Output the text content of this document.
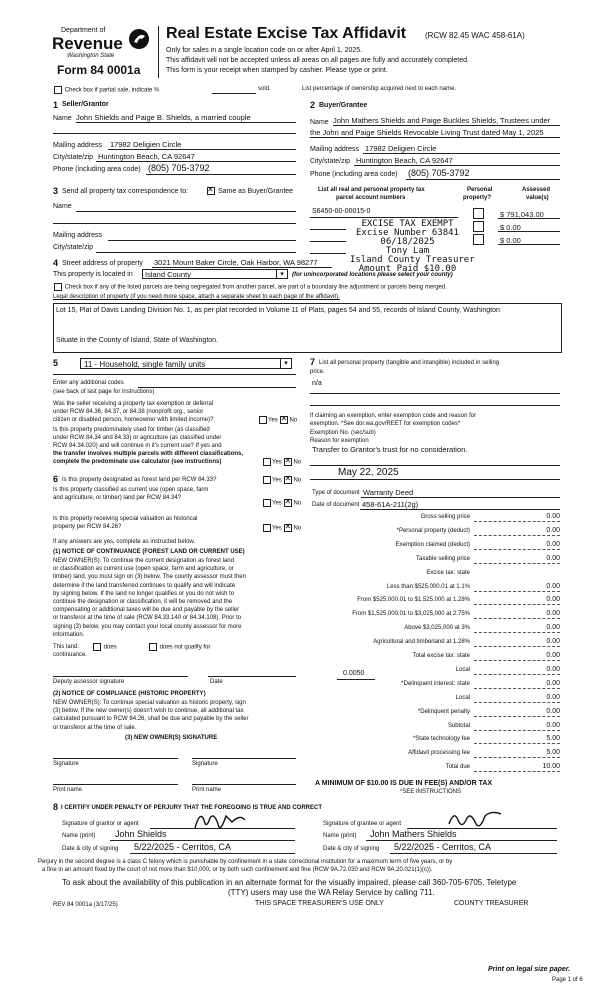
Department of
Revenue
Washington State
Form 84 0001a
Real Estate Excise Tax Affidavit (RCW 82.45 WAC 458-61A)
Only for sales in a single location code on or after April 1, 2025.
This affidavit will not be accepted unless all areas on all pages are fully and accurately completed.
This form is your receipt when stamped by cashier. Please type or print.
Check box if partial sale, indicate %	sold.	List percentage of ownership acquired next to each name.
1 Seller/Grantor
Name John Shields and Paige B. Shields, a married couple
Mailing address 17982 Deligien Circle
City/state/zip Huntington Beach, CA 92647
Phone (including area code) (805) 705-3792
2 Buyer/Grantee
Name John Mathers Shields and Paige Buckles Shields, Trustees under
the John and Paige Shields Revocable Living Trust dated May 1, 2025
Mailing address 17982 Deligien Circle
City/state/zip Huntington Beach, CA 92647
Phone (including area code) (805) 705-3792
3 Send all property tax correspondence to: ✕	Same as Buyer/Grantee
Name
Mailing address
City/state/zip
List all real and personal property tax
parcel account numbers
Personal
property?
Assessed
value(s)
S6450-00-00015-0	$ 791,043.00
$ 0.00
$ 0.00
EXCISE TAX EXEMPT
Excise Number 63841
06/18/2025
Tony Lam
Island County Treasurer
Amount Paid $10.00
4 Street address of property 3021 Mount Baker Circle, Oak Harbor, WA 98277
This property is located in	Island County	▾	(for unincorporated locations please select your county)
Check box if any of the listed parcels are being segregated from another parcel, are part of a boundary line adjustment or parcels being merged.
Legal description of property (if you need more space, attach a separate sheet to each page of the affidavit).
Lot 15, Plat of Davis Landing Division No. 1, as per plat recorded in Volume 11 of Plats, pages 54 and 55, records of Island County, Washington
Situate in the County of Island, State of Washington.
5	11 - Household, single family units	▾
Enter any additional codes
(see back of last page for instructions)
Was the seller receiving a property tax exemption or deferral
under RCW 84.36, 84.37, or 84.38 (nonprofit org., senior
citizen or disabled person, homeowner with limited income)?	Yes ✕ No
Is this property predominately used for timber (as classified
under RCW 84.34 and 84.33) or agriculture (as classified under
RCW 84.34.020) and will continue in it's current use? If yes and
the transfer involves multiple parcels with different classifications,
complete the predominate use calculator (see instructions)	Yes ✕ No
6 Is this property designated as forest land per RCW 84.33?	Yes ✕ No
Is this property classified as current use (open space, farm
and agriculture, or timber) land per RCW 84.34?
Yes ✕ No
Is this property receiving special valuation as historical
property per RCW 84.26?	Yes ✕ No
If any answers are yes, complete as instructed below.
(1) NOTICE OF CONTINUANCE (FOREST LAND OR CURRENT USE)
NEW OWNER(S): To continue the current designation as forest land
or classification as current use (open space, farm and agriculture, or
timber) land, you must sign on (3) below. The county assessor must then
determine if the land transferred continues to qualify and will indicate
by signing below. If the land no longer qualifies or you do not wish to
continue the designation or classification, it will be removed and the
compensating or additional taxes will be due and payable by the seller
or transferor at the time of sale (RCW 84.33.140 or 84.34.108). Prior to
signing (3) below, you may contact your local county assessor for more
information.
This land:	does	does not qualify for
continuance.
Deputy assessor signature	Date
(2) NOTICE OF COMPLIANCE (HISTORIC PROPERTY)
NEW OWNER(S): To continue special valuation as historic property, sign
(3) below. If the new owner(s) doesn't wish to continue, all additional tax
calculated pursuant to RCW 84.26, shall be due and payable by the seller
or transferor at the time of sale.
(3) NEW OWNER(S) SIGNATURE
Signature	Signature
Print name	Print name
7 List all personal property (tangible and intangible) included in selling
price.
n/a
If claiming an exemption, enter exemption code and reason for
exemption. *See dor.wa.gov/REET for exemption codes*
Exemption No. (sec/sub)
Reason for exemption
Transfer to Grantor's trust for no consideration.
May 22, 2025
Type of document Warranty Deed
Date of document 458-61A-211(2g)
Gross selling price	0.00
*Personal property (deduct)	0.00
Exemption claimed (deduct)	0.00
Taxable selling price	0.00
Excise tax: state
Less than $525,000.01 at 1.1%	0.00
From $525,000.01 to $1,525,000 at 1.28%	0.00
From $1,525,000.01 to $3,025,000 at 2.75%	0.00
Above $3,025,000 at 3%	0.00
Agricultural and timberland at 1.28%	0.00
Total excise tax: state	0.00
Local	0.00
*Delinquent interest: state	0.00
Local	0.00
*Delinquent penalty	0.00
Subtotal	0.00
*State technology fee	5.00
Affidavit processing fee	5.00
Total due	10.00
0.0050
A MINIMUM OF $10.00 IS DUE IN FEE(S) AND/OR TAX
*SEE INSTRUCTIONS
8 I CERTIFY UNDER PENALTY OF PERJURY THAT THE FOREGOING IS TRUE AND CORRECT
Signature of grantor or agent
Name (print) John Shields
Date & city of signing 5/22/2025 - Cerritos, CA
Signature of grantee or agent
Name (print) John Mathers Shields
Date & city of signing 5/22/2025 - Cerritos, CA
Perjury in the second degree is a class C felony which is punishable by confinement in a state correctional institution for a maximum term of five years, or by
a fine in an amount fixed by the court of not more than $10,000, or by both such confinement and fine (RCW 9A.72.030 and RCW 9A.20.021(1)(c)).
To ask about the availability of this publication in an alternate format for the visually impaired, please call 360-705-6705. Teletype
(TTY) users may use the WA Relay Service by calling 711.
REV 84 0001a (3/17/25)	THIS SPACE TREASURER'S USE ONLY	COUNTY TREASURER
Print on legal size paper.
Page 1 of 6
